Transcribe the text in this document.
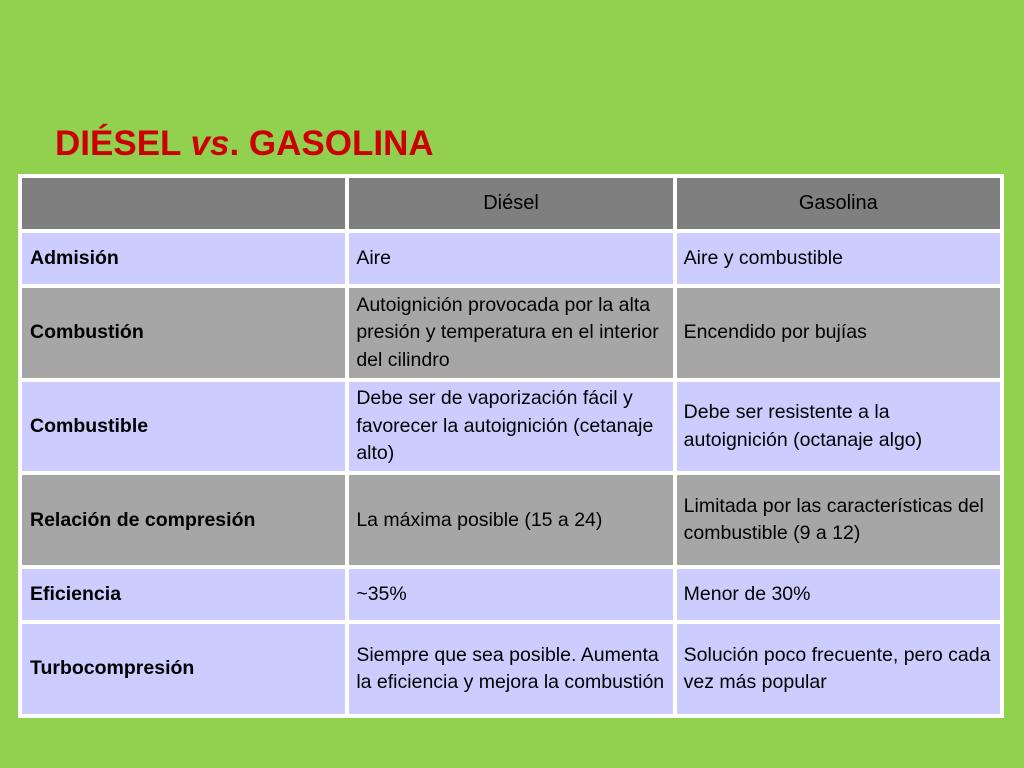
DIÉSEL vs. GASOLINA
	Diésel	Gasolina
Admisión	Aire	Aire y combustible
Combustión	Autoignición provocada por la alta presión y temperatura en el interior del cilindro	Encendido por bujías
Combustible	Debe ser de vaporización fácil y favorecer la autoignición (cetanaje alto)	Debe ser resistente a la autoignición (octanaje algo)
Relación de compresión	La máxima posible (15 a 24)	Limitada por las características del combustible (9 a 12)
Eficiencia	~35%	Menor de 30%
Turbocompresión	Siempre que sea posible. Aumenta la eficiencia y mejora la combustión	Solución poco frecuente, pero cada vez más popular
